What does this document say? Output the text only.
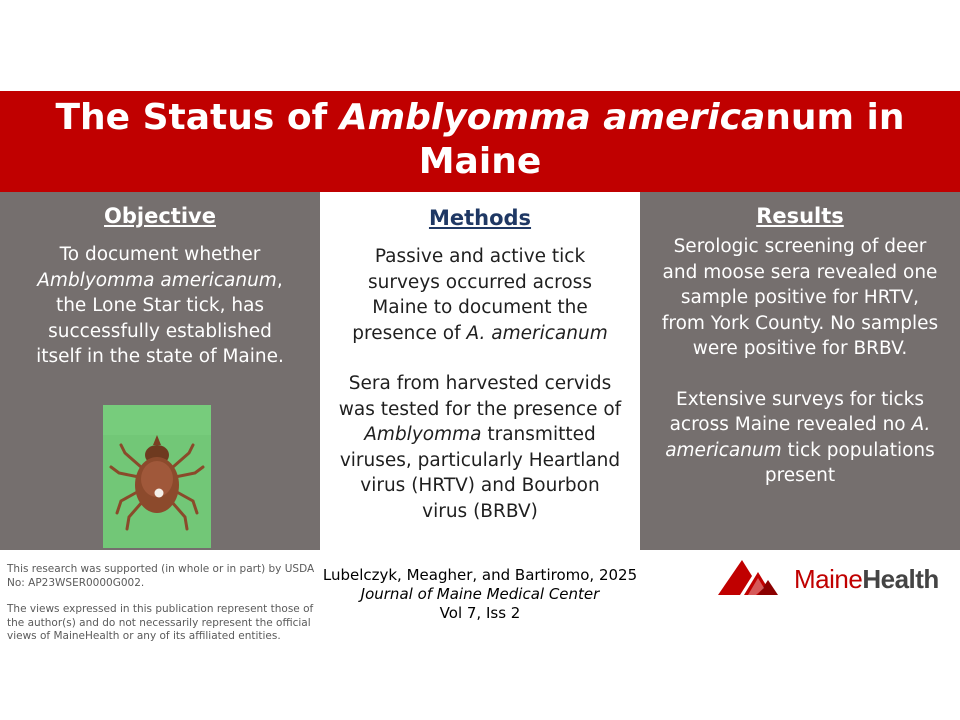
The Status of Amblyomma americanum in
Maine
Objective
To document whether
Amblyomma americanum, the Lone Star tick, has successfully established itself in the state of Maine.
Methods
Passive and active tick surveys occurred across Maine to document the presence of A. americanum
Sera from harvested cervids was tested for the presence of Amblyomma transmitted viruses, particularly Heartland virus (HRTV) and Bourbon virus (BRBV)
Results
Serologic screening of deer and moose sera revealed one sample positive for HRTV, from York County. No samples were positive for BRBV.
Extensive surveys for ticks across Maine revealed no A. americanum tick populations present
This research was supported (in whole or in part) by USDA No: AP23WSER0000G002.
The views expressed in this publication represent those of the author(s) and do not necessarily represent the official views of MaineHealth or any of its affiliated entities.
Lubelczyk, Meagher, and Bartiromo, 2025
Journal of Maine Medical Center
Vol 7, Iss 2
MaineHealth
